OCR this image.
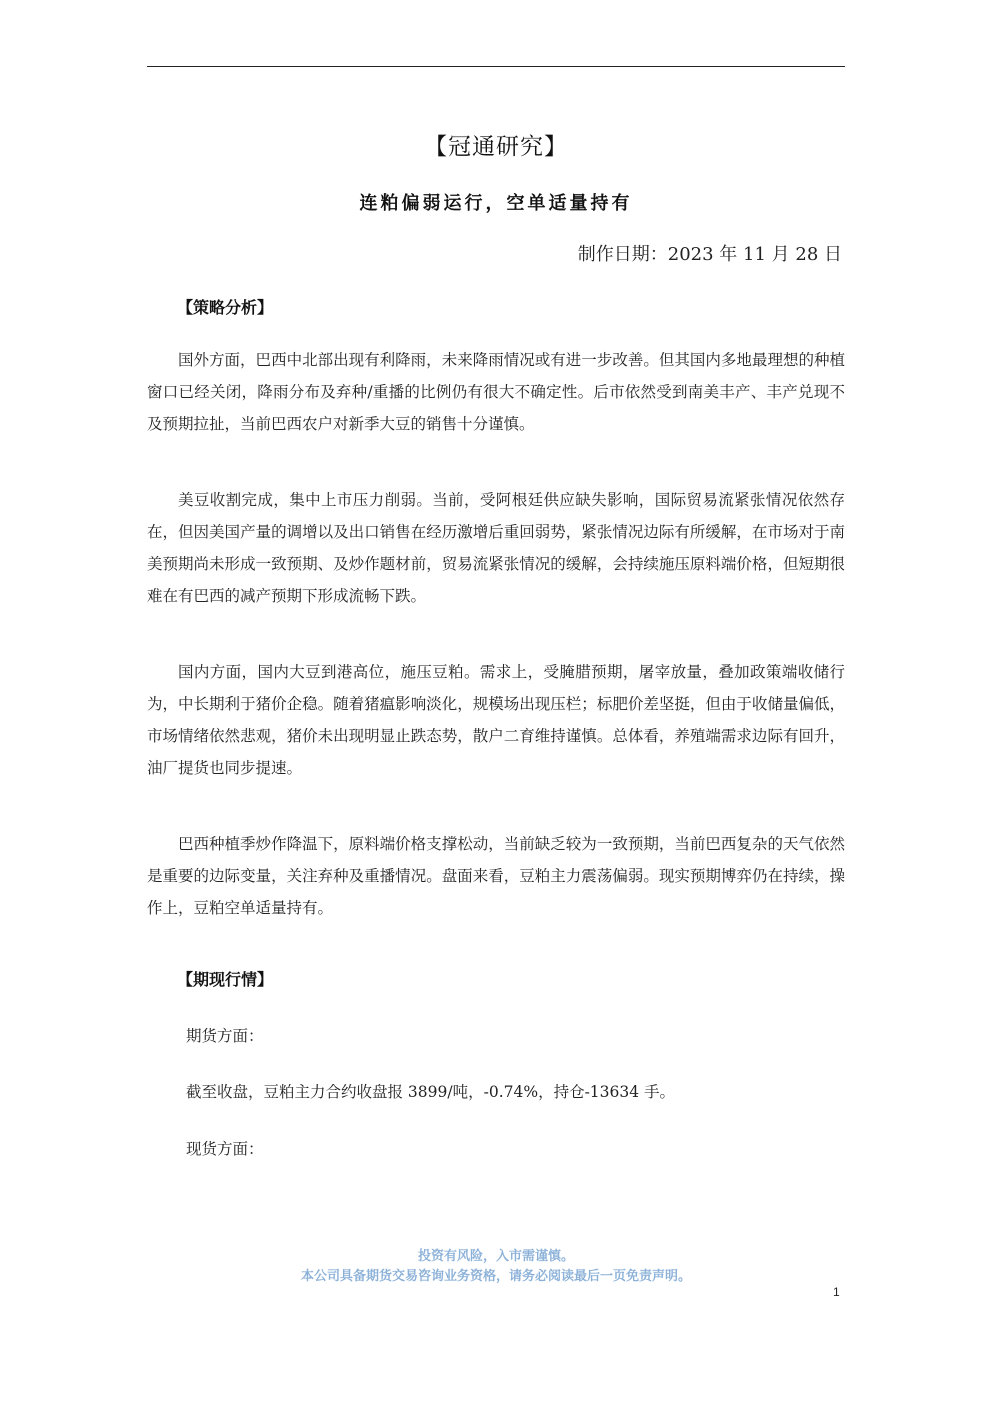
【冠通研究】
连粕偏弱运行，空单适量持有
制作日期：2023 年 11 月 28 日
【策略分析】
国外方面，巴西中北部出现有利降雨，未来降雨情况或有进一步改善。但其国内多地最理想的种植窗口已经关闭，降雨分布及弃种/重播的比例仍有很大不确定性。后市依然受到南美丰产、丰产兑现不及预期拉扯，当前巴西农户对新季大豆的销售十分谨慎。
美豆收割完成，集中上市压力削弱。当前，受阿根廷供应缺失影响，国际贸易流紧张情况依然存在，但因美国产量的调增以及出口销售在经历激增后重回弱势，紧张情况边际有所缓解，在市场对于南美预期尚未形成一致预期、及炒作题材前，贸易流紧张情况的缓解，会持续施压原料端价格，但短期很难在有巴西的减产预期下形成流畅下跌。
国内方面，国内大豆到港高位，施压豆粕。需求上，受腌腊预期，屠宰放量，叠加政策端收储行为，中长期利于猪价企稳。随着猪瘟影响淡化，规模场出现压栏；标肥价差坚挺，但由于收储量偏低，市场情绪依然悲观，猪价未出现明显止跌态势，散户二育维持谨慎。总体看，养殖端需求边际有回升，油厂提货也同步提速。
巴西种植季炒作降温下，原料端价格支撑松动，当前缺乏较为一致预期，当前巴西复杂的天气依然是重要的边际变量，关注弃种及重播情况。盘面来看，豆粕主力震荡偏弱。现实预期博弈仍在持续，操作上，豆粕空单适量持有。
【期现行情】
期货方面：
截至收盘，豆粕主力合约收盘报 3899/吨，-0.74%，持仓-13634 手。
现货方面：
投资有风险，入市需谨慎。
本公司具备期货交易咨询业务资格，请务必阅读最后一页免责声明。
1
